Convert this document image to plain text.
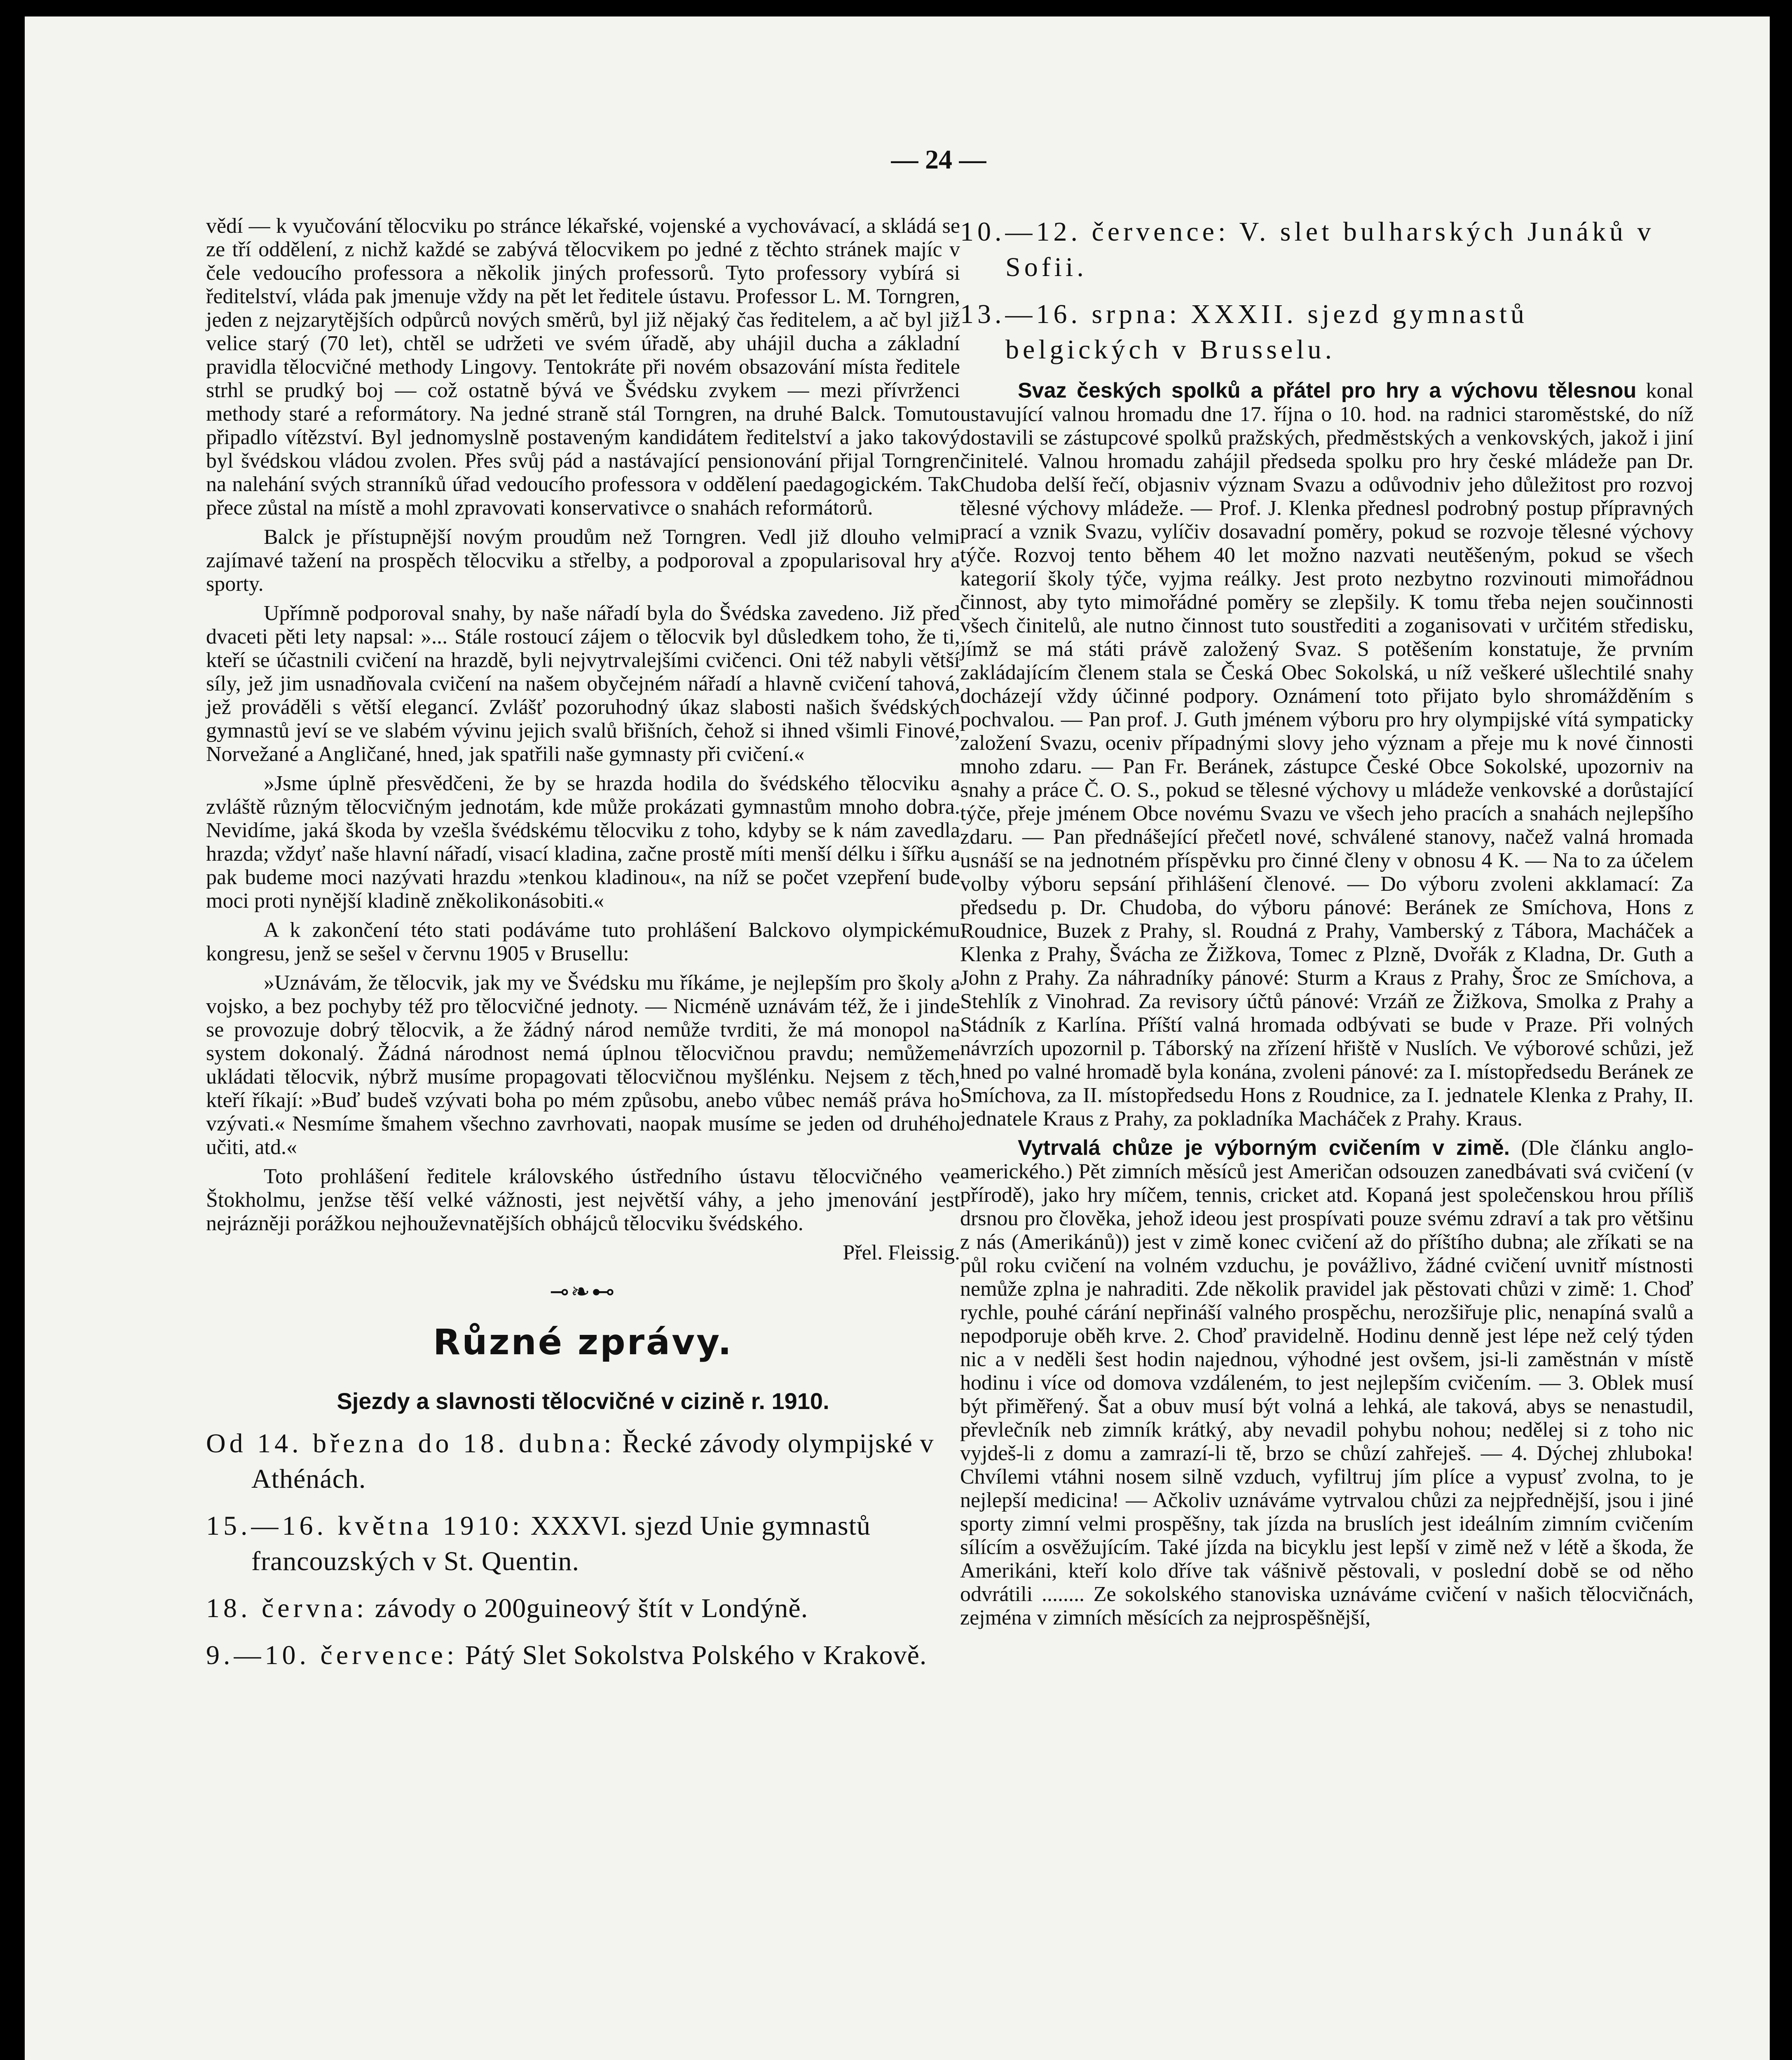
— 24 —

vědí — k vyučování tělocviku po stránce lékařské, vojenské a vychovávací, a skládá se ze tří oddělení, z nichž každé se zabývá tělocvikem po jedné z těchto stránek majíc v čele vedoucího professora a několik jiných professorů. Tyto professory vybírá si ředitelství, vláda pak jmenuje vždy na pět let ředitele ústavu. Professor L. M. Torngren, jeden z nejzarytějších odpůrců nových směrů, byl již nějaký čas ředitelem, a ač byl již velice starý (70 let), chtěl se udržeti ve svém úřadě, aby uhájil ducha a základní pravidla tělocvičné methody Lingovy. Tentokráte při novém obsazování místa ředitele strhl se prudký boj — což ostatně bývá ve Švédsku zvykem — mezi přívrženci methody staré a reformátory. Na jedné straně stál Torngren, na druhé Balck. Tomuto připadlo vítězství. Byl jednomyslně postaveným kandidátem ředitelství a jako takový byl švédskou vládou zvolen. Přes svůj pád a nastávající pensionování přijal Torngren na nalehání svých stranníků úřad vedoucího professora v oddělení paedagogickém. Tak přece zůstal na místě a mohl zpravovati konservativce o snahách reformátorů.

Balck je přístupnější novým proudům než Torngren. Vedl již dlouho velmi zajímavé tažení na prospěch tělocviku a střelby, a podporoval a zpopularisoval hry a sporty.

Upřímně podporoval snahy, by naše nářadí byla do Švédska zavedeno. Již před dvaceti pěti lety napsal: »... Stále rostoucí zájem o tělocvik byl důsledkem toho, že ti, kteří se účastnili cvičení na hrazdě, byli nejvytrvalejšími cvičenci. Oni též nabyli větší síly, jež jim usnadňovala cvičení na našem obyčejném nářadí a hlavně cvičení tahová, jež prováděli s větší elegancí. Zvlášť pozoruhodný úkaz slabosti našich švédských gymnastů jeví se ve slabém vývinu jejich svalů břišních, čehož si ihned všimli Finové, Norvežané a Angličané, hned, jak spatřili naše gymnasty při cvičení.«

»Jsme úplně přesvědčeni, že by se hrazda hodila do švédského tělocviku a zvláště různým tělocvičným jednotám, kde může prokázati gymnastům mnoho dobra. Nevidíme, jaká škoda by vzešla švédskému tělocviku z toho, kdyby se k nám zavedla hrazda; vždyť naše hlavní nářadí, visací kladina, začne prostě míti menší délku i šířku a pak budeme moci nazývati hrazdu »tenkou kladinou«, na níž se počet vzepření bude moci proti nynější kladině zněkolikonásobiti.«

A k zakončení této stati podáváme tuto prohlášení Balckovo olympickému kongresu, jenž se sešel v červnu 1905 v Brusellu:

»Uznávám, že tělocvik, jak my ve Švédsku mu říkáme, je nejlepším pro školy a vojsko, a bez pochyby též pro tělocvičné jednoty. — Nicméně uznávám též, že i jinde se provozuje dobrý tělocvik, a že žádný národ nemůže tvrditi, že má monopol na system dokonalý. Žádná národnost nemá úplnou tělocvičnou pravdu; nemůžeme ukládati tělocvik, nýbrž musíme propagovati tělocvičnou myšlénku. Nejsem z těch, kteří říkají: »Buď budeš vzývati boha po mém způsobu, anebo vůbec nemáš práva ho vzývati.« Nesmíme šmahem všechno zavrhovati, naopak musíme se jeden od druhého učiti, atd.«

Toto prohlášení ředitele královského ústředního ústavu tělocvičného ve Štokholmu, jenžse těší velké vážnosti, jest největší váhy, a jeho jmenování jest nejrázněji porážkou nejhouževnatějších obhájců tělocviku švédského.

Přel. Fleissig.

⊸❧⊷
Různé zprávy.
Sjezdy a slavnosti tělocvičné v cizině r. 1910.

Od 14. března do 18. dubna: Řecké závody olympijské v Athénách.

15.—16. května 1910: XXXVI. sjezd Unie gymnastů francouzských v St. Quentin.

18. června: závody o 200guineový štít v Londýně.

9.—10. července: Pátý Slet Sokolstva Polského v Krakově.

10.—12. července: V. slet bulharských Junáků v Sofii.

13.—16. srpna: XXXII. sjezd gymnastů belgických v Brusselu.

Svaz českých spolků a přátel pro hry a výchovu tělesnou konal ustavující valnou hromadu dne 17. října o 10. hod. na radnici staroměstské, do níž dostavili se zástupcové spolků pražských, předměstských a venkovských, jakož i jiní činitelé. Valnou hromadu zahájil předseda spolku pro hry české mládeže pan Dr. Chudoba delší řečí, objasniv význam Svazu a odůvodniv jeho důležitost pro rozvoj tělesné výchovy mládeže. — Prof. J. Klenka přednesl podrobný postup přípravných prací a vznik Svazu, vylíčiv dosavadní poměry, pokud se rozvoje tělesné výchovy týče. Rozvoj tento během 40 let možno nazvati neutěšeným, pokud se všech kategorií školy týče, vyjma reálky. Jest proto nezbytno rozvinouti mimořádnou činnost, aby tyto mimořádné poměry se zlepšily. K tomu třeba nejen součinnosti všech činitelů, ale nutno činnost tuto soustřediti a zoganisovati v určitém středisku, jímž se má státi právě založený Svaz. S potěšením konstatuje, že prvním zakládajícím členem stala se Česká Obec Sokolská, u níž veškeré ušlechtilé snahy docházejí vždy účinné podpory. Oznámení toto přijato bylo shromážděním s pochvalou. — Pan prof. J. Guth jménem výboru pro hry olympijské vítá sympaticky založení Svazu, oceniv případnými slovy jeho význam a přeje mu k nové činnosti mnoho zdaru. — Pan Fr. Beránek, zástupce České Obce Sokolské, upozorniv na snahy a práce Č. O. S., pokud se tělesné výchovy u mládeže venkovské a dorůstající týče, přeje jménem Obce novému Svazu ve všech jeho pracích a snahách nejlepšího zdaru. — Pan přednášející přečetl nové, schválené stanovy, načež valná hromada usnáší se na jednotném příspěvku pro činné členy v obnosu 4 K. — Na to za účelem volby výboru sepsání přihlášení členové. — Do výboru zvoleni akklamací: Za předsedu p. Dr. Chudoba, do výboru pánové: Beránek ze Smíchova, Hons z Roudnice, Buzek z Prahy, sl. Roudná z Prahy, Vamberský z Tábora, Macháček a Klenka z Prahy, Švácha ze Žižkova, Tomec z Plzně, Dvořák z Kladna, Dr. Guth a John z Prahy. Za náhradníky pánové: Sturm a Kraus z Prahy, Šroc ze Smíchova, a Stehlík z Vinohrad. Za revisory účtů pánové: Vrzáň ze Žižkova, Smolka z Prahy a Stádník z Karlína. Příští valná hromada odbývati se bude v Praze. Při volných návrzích upozornil p. Táborský na zřízení hřiště v Nuslích. Ve výborové schůzi, jež hned po valné hromadě byla konána, zvoleni pánové: za I. místopředsedu Beránek ze Smíchova, za II. místopředsedu Hons z Roudnice, za I. jednatele Klenka z Prahy, II. jednatele Kraus z Prahy, za pokladníka Macháček z Prahy. Kraus.

Vytrvalá chůze je výborným cvičením v zimě. (Dle článku anglo-amerického.) Pět zimních měsíců jest Američan odsouzen zanedbávati svá cvičení (v přírodě), jako hry míčem, tennis, cricket atd. Kopaná jest společenskou hrou příliš drsnou pro člověka, jehož ideou jest prospívati pouze svému zdraví a tak pro většinu z nás (Amerikánů)) jest v zimě konec cvičení až do příštího dubna; ale zříkati se na půl roku cvičení na volném vzduchu, je povážlivo, žádné cvičení uvnitř místnosti nemůže zplna je nahraditi. Zde několik pravidel jak pěstovati chůzi v zimě: 1. Choď rychle, pouhé cárání nepřináší valného prospěchu, nerozšiřuje plic, nenapíná svalů a nepodporuje oběh krve. 2. Choď pravidelně. Hodinu denně jest lépe než celý týden nic a v neděli šest hodin najednou, výhodné jest ovšem, jsi-li zaměstnán v místě hodinu i více od domova vzdáleném, to jest nejlepším cvičením. — 3. Oblek musí být přiměřený. Šat a obuv musí být volná a lehká, ale taková, abys se nenastudil, převlečník neb zimník krátký, aby nevadil pohybu nohou; nedělej si z toho nic vyjdeš-li z domu a zamrazí-li tě, brzo se chůzí zahřeješ. — 4. Dýchej zhluboka! Chvílemi vtáhni nosem silně vzduch, vyfiltruj jím plíce a vypusť zvolna, to je nejlepší medicina! — Ačkoliv uznáváme vytrvalou chůzi za nejpřednější, jsou i jiné sporty zimní velmi prospěšny, tak jízda na bruslích jest ideálním zimním cvičením sílícím a osvěžujícím. Také jízda na bicyklu jest lepší v zimě než v létě a škoda, že Amerikáni, kteří kolo dříve tak vášnivě pěstovali, v poslední době se od něho odvrátili ........ Ze sokolského stanoviska uznáváme cvičení v našich tělocvičnách, zejména v zimních měsících za nejprospěšnější,
